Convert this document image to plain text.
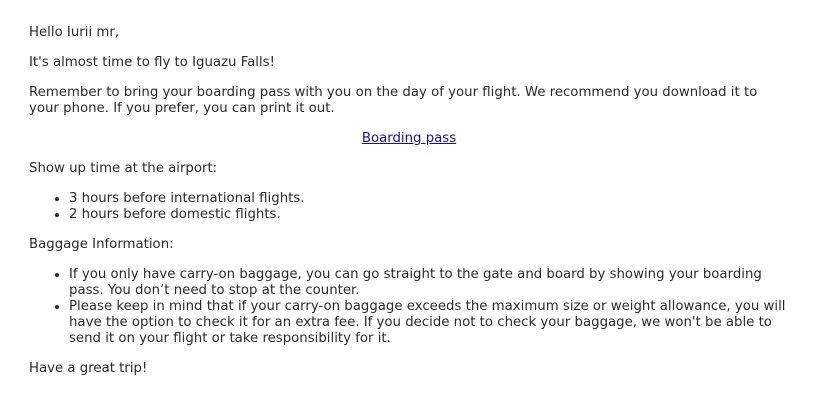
Hello Iurii mr,

It's almost time to fly to Iguazu Falls!

Remember to bring your boarding pass with you on the day of your flight. We recommend you download it to your phone. If you prefer, you can print it out.

Boarding pass

Show up time at the airport:

• 3 hours before international flights.
• 2 hours before domestic flights.

Baggage Information:

• If you only have carry-on baggage, you can go straight to the gate and board by showing your boarding pass. You don’t need to stop at the counter.
• Please keep in mind that if your carry-on baggage exceeds the maximum size or weight allowance, you will have the option to check it for an extra fee. If you decide not to check your baggage, we won't be able to send it on your flight or take responsibility for it.

Have a great trip!
